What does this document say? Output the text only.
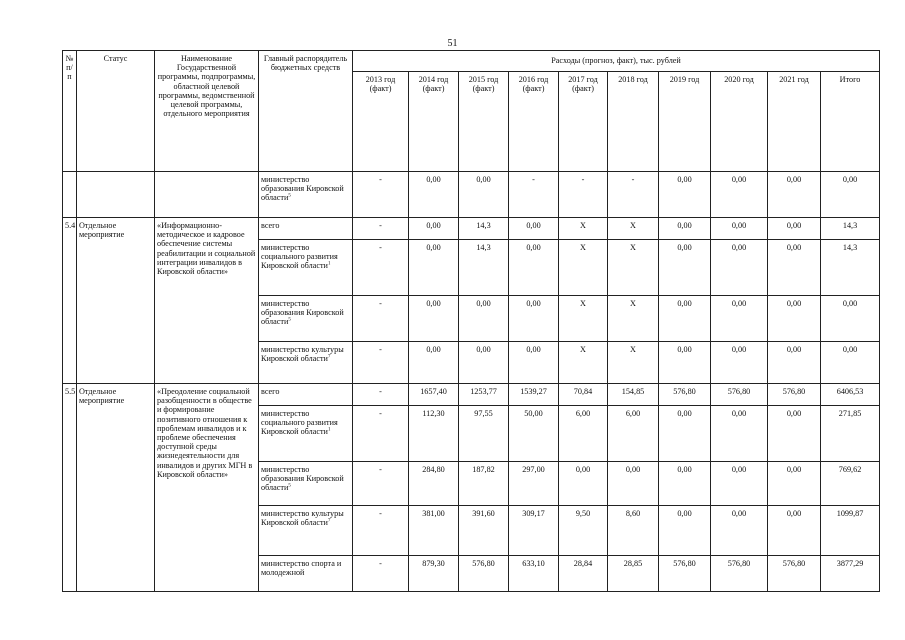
51
№ п/п	Статус	Наименование Государственной программы, подпрограммы, областной целевой программы, ведомственной целевой программы, отдельного мероприятия	Главный распорядитель бюджетных средств	Расходы (прогноз, факт), тыс. рублей									
				2013 год (факт)	2014 год (факт)	2015 год (факт)	2016 год (факт)	2017 год (факт)	2018 год	2019 год	2020 год	2021 год	Итого
			министерство образования Кировской области$^5$	-	0,00	0,00	-	-	-	0,00	0,00	0,00	0,00
5.4	Отдельное мероприятие	«Информационно-методическое и кадровое обеспечение системы реабилитации и социальной интеграции инвалидов в Кировской области»	всего	-	0,00	14,3	0,00	Х	Х	0,00	0,00	0,00	14,3
			министерство социального развития Кировской области$^1$	-	0,00	14,3	0,00	Х	Х	0,00	0,00	0,00	14,3
			министерство образования Кировской области$^5$	-	0,00	0,00	0,00	Х	Х	0,00	0,00	0,00	0,00
			министерство культуры Кировской области$^7$	-	0,00	0,00	0,00	Х	Х	0,00	0,00	0,00	0,00
5.5	Отдельное мероприятие	«Преодоление социальной разобщенности в обществе и формирование позитивного отношения к проблемам инвалидов и к проблеме обеспечения доступной среды жизнедеятельности для инвалидов и других МГН в Кировской области»	всего	-	1657,40	1253,77	1539,27	70,84	154,85	576,80	576,80	576,80	6406,53
			министерство социального развития Кировской области$^1$	-	112,30	97,55	50,00	6,00	6,00	0,00	0,00	0,00	271,85
			министерство образования Кировской области$^5$	-	284,80	187,82	297,00	0,00	0,00	0,00	0,00	0,00	769,62
			министерство культуры Кировской области$^7$	-	381,00	391,60	309,17	9,50	8,60	0,00	0,00	0,00	1099,87
			министерство спорта и молодежной	-	879,30	576,80	633,10	28,84	28,85	576,80	576,80	576,80	3877,29
